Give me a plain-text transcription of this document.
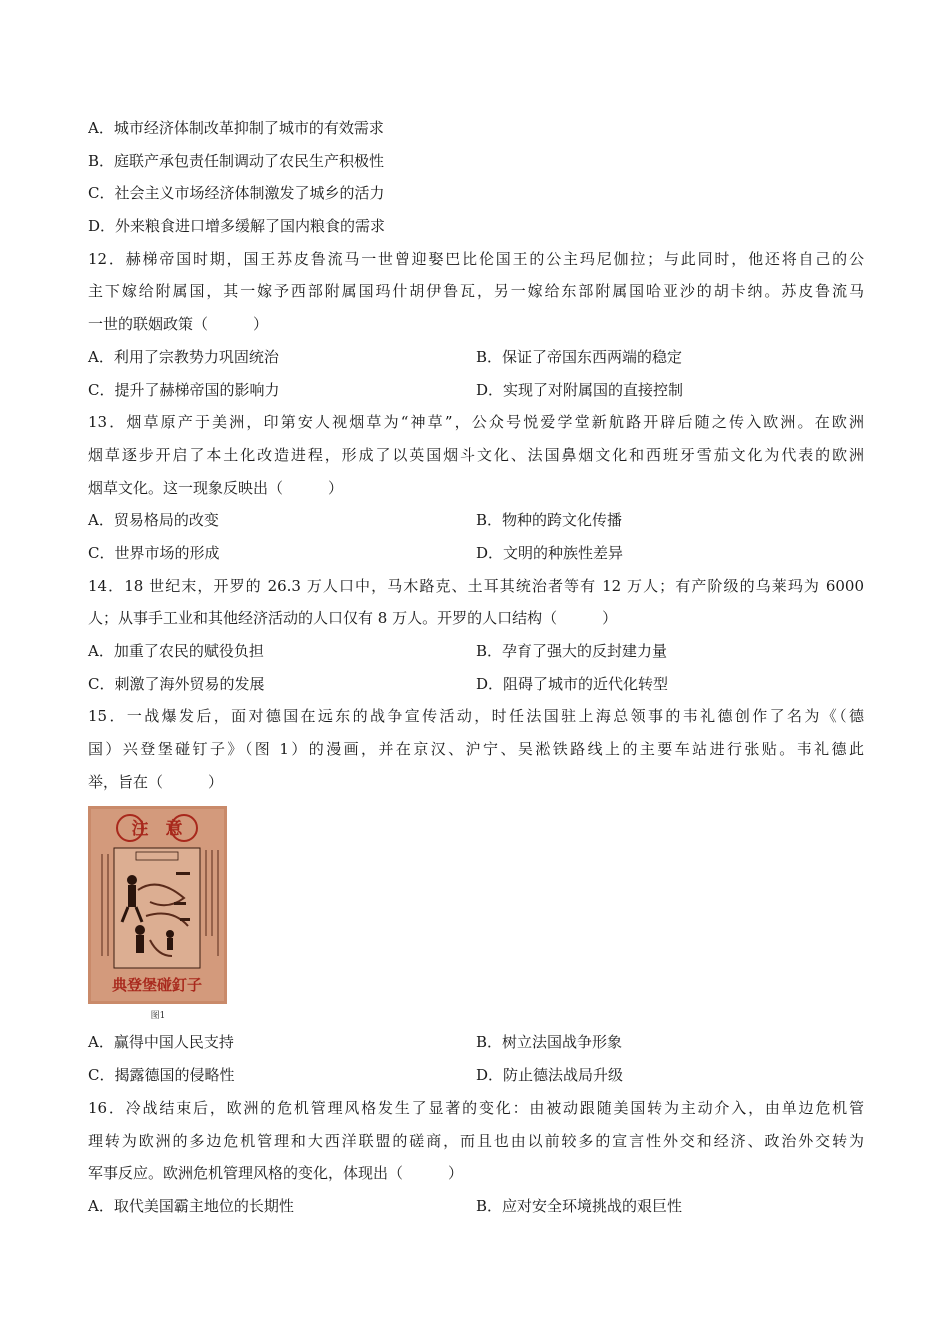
A．城市经济体制改革抑制了城市的有效需求
B．庭联产承包责任制调动了农民生产积极性
C．社会主义市场经济体制激发了城乡的活力
D．外来粮食进口增多缓解了国内粮食的需求
12．赫梯帝国时期，国王苏皮鲁流马一世曾迎娶巴比伦国王的公主玛尼伽拉；与此同时，他还将自己的公
主下嫁给附属国，其一嫁予西部附属国玛什胡伊鲁瓦，另一嫁给东部附属国哈亚沙的胡卡纳。苏皮鲁流马
一世的联姻政策（　　　）
A．利用了宗教势力巩固统治	B．保证了帝国东西两端的稳定
C．提升了赫梯帝国的影响力	D．实现了对附属国的直接控制
13．烟草原产于美洲，印第安人视烟草为“神草”，公众号悦爱学堂新航路开辟后随之传入欧洲。在欧洲
烟草逐步开启了本土化改造进程，形成了以英国烟斗文化、法国鼻烟文化和西班牙雪茄文化为代表的欧洲
烟草文化。这一现象反映出（　　　）
A．贸易格局的改变	B．物种的跨文化传播
C．世界市场的形成	D．文明的种族性差异
14．18 世纪末，开罗的 26.3 万人口中，马木路克、土耳其统治者等有 12 万人；有产阶级的乌莱玛为 6000
人；从事手工业和其他经济活动的人口仅有 8 万人。开罗的人口结构（　　　）
A．加重了农民的赋役负担	B．孕育了强大的反封建力量
C．刺激了海外贸易的发展	D．阻碍了城市的近代化转型
15．一战爆发后，面对德国在远东的战争宣传活动，时任法国驻上海总领事的韦礼德创作了名为《（德
国）兴登堡碰钉子》（图 1）的漫画，并在京汉、沪宁、吴淞铁路线上的主要车站进行张贴。韦礼德此
举，旨在（　　　）
注　意
典登堡碰釘子
图1
A．赢得中国人民支持	B．树立法国战争形象
C．揭露德国的侵略性	D．防止德法战局升级
16．冷战结束后，欧洲的危机管理风格发生了显著的变化：由被动跟随美国转为主动介入，由单边危机管
理转为欧洲的多边危机管理和大西洋联盟的磋商，而且也由以前较多的宣言性外交和经济、政治外交转为
军事反应。欧洲危机管理风格的变化，体现出（　　　）
A．取代美国霸主地位的长期性	B．应对安全环境挑战的艰巨性
